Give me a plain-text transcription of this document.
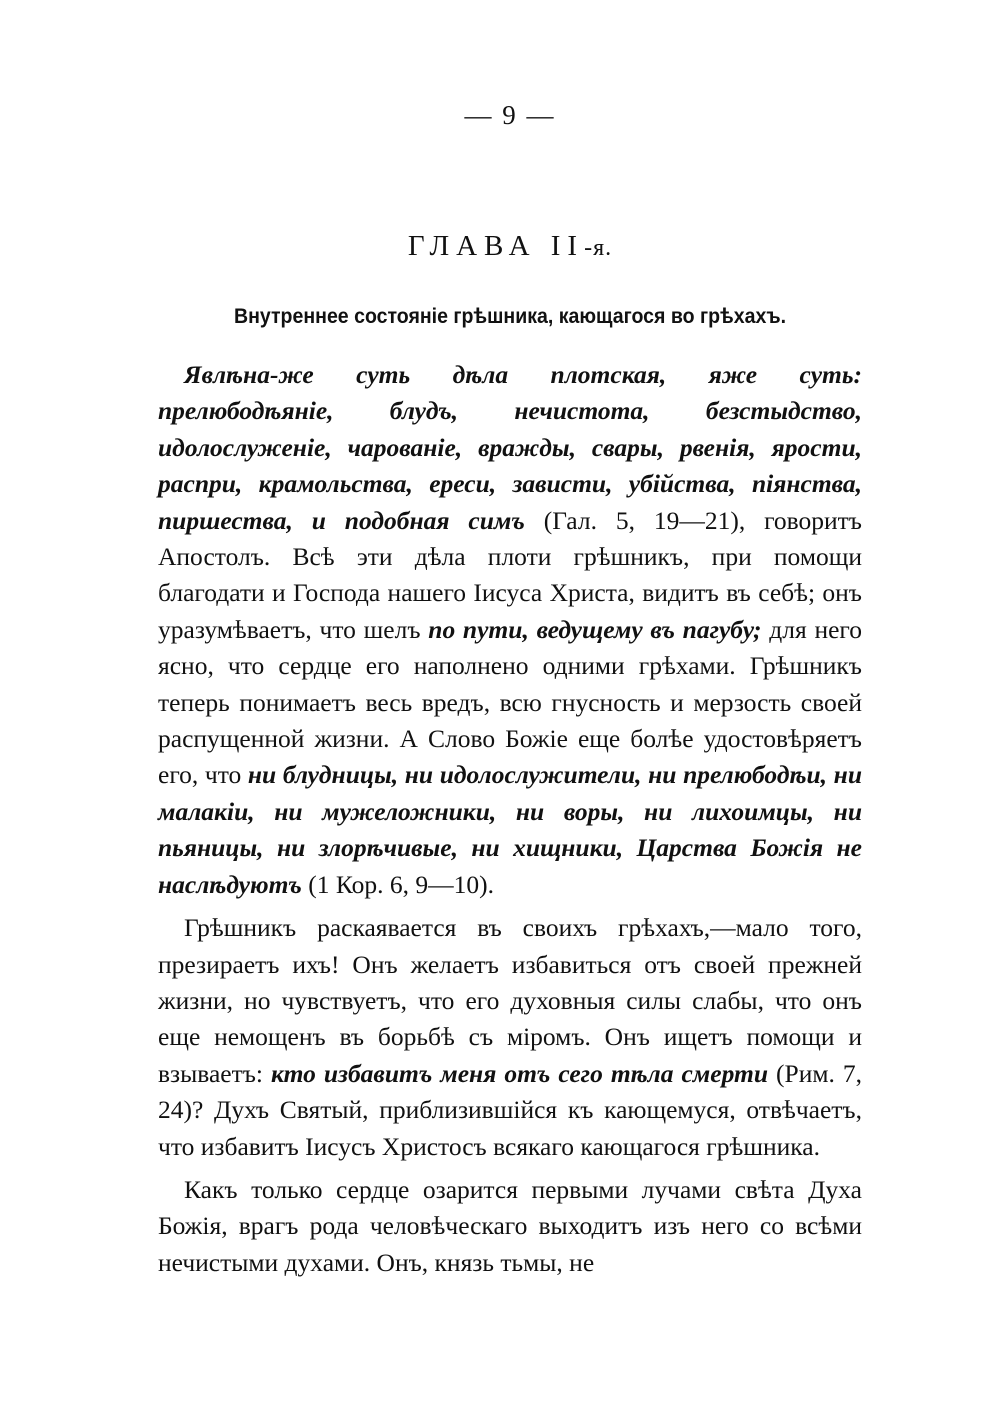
— 9 —

ГЛАВА II-я.
Внутреннее состоянiе грѣшника, кающагося во грѣхахъ.

Явлѣна-же суть дѣла плотская, яже суть: прелюбодѣянiе, блудъ, нечистота, безстыдство, идолослуженiе, чарованiе, вражды, свары, рвенiя, ярости, распри, крамольства, ереси, зависти, убiйства, пiянства, пиршества, и подобная симъ (Гал. 5, 19—21), говоритъ Апостолъ. Всѣ эти дѣла плоти грѣшникъ, при помощи благодати и Господа нашего Iисуса Христа, видитъ въ себѣ; онъ уразумѣваетъ, что шелъ по пути, ведущему въ пагубу; для него ясно, что сердце его наполнено одними грѣхами. Грѣшникъ теперь понимаетъ весь вредъ, всю гнусность и мерзость своей распущенной жизни. А Слово Божiе еще болѣе удостовѣряетъ его, что ни блудницы, ни идолослужители, ни прелюбодѣи, ни малакiи, ни мужеложники, ни воры, ни лихоимцы, ни пьяницы, ни злорѣчивые, ни хищники, Царства Божiя не наслѣдуютъ (1 Кор. 6, 9—10).

Грѣшникъ раскаявается въ своихъ грѣхахъ,—мало того, презираетъ ихъ! Онъ желаетъ избавиться отъ своей прежней жизни, но чувствуетъ, что его духовныя силы слабы, что онъ еще немощенъ въ борьбѣ съ мiромъ. Онъ ищетъ помощи и взываетъ: кто избавитъ меня отъ сего тѣла смерти (Рим. 7, 24)? Духъ Святый, приблизившiйся къ кающемуся, отвѣчаетъ, что избавитъ Iисусъ Христосъ всякаго кающагося грѣшника.

Какъ только сердце озарится первыми лучами свѣта Духа Божiя, врагъ рода человѣческаго выходитъ изъ него со всѣми нечистыми духами. Онъ, князь тьмы, не
